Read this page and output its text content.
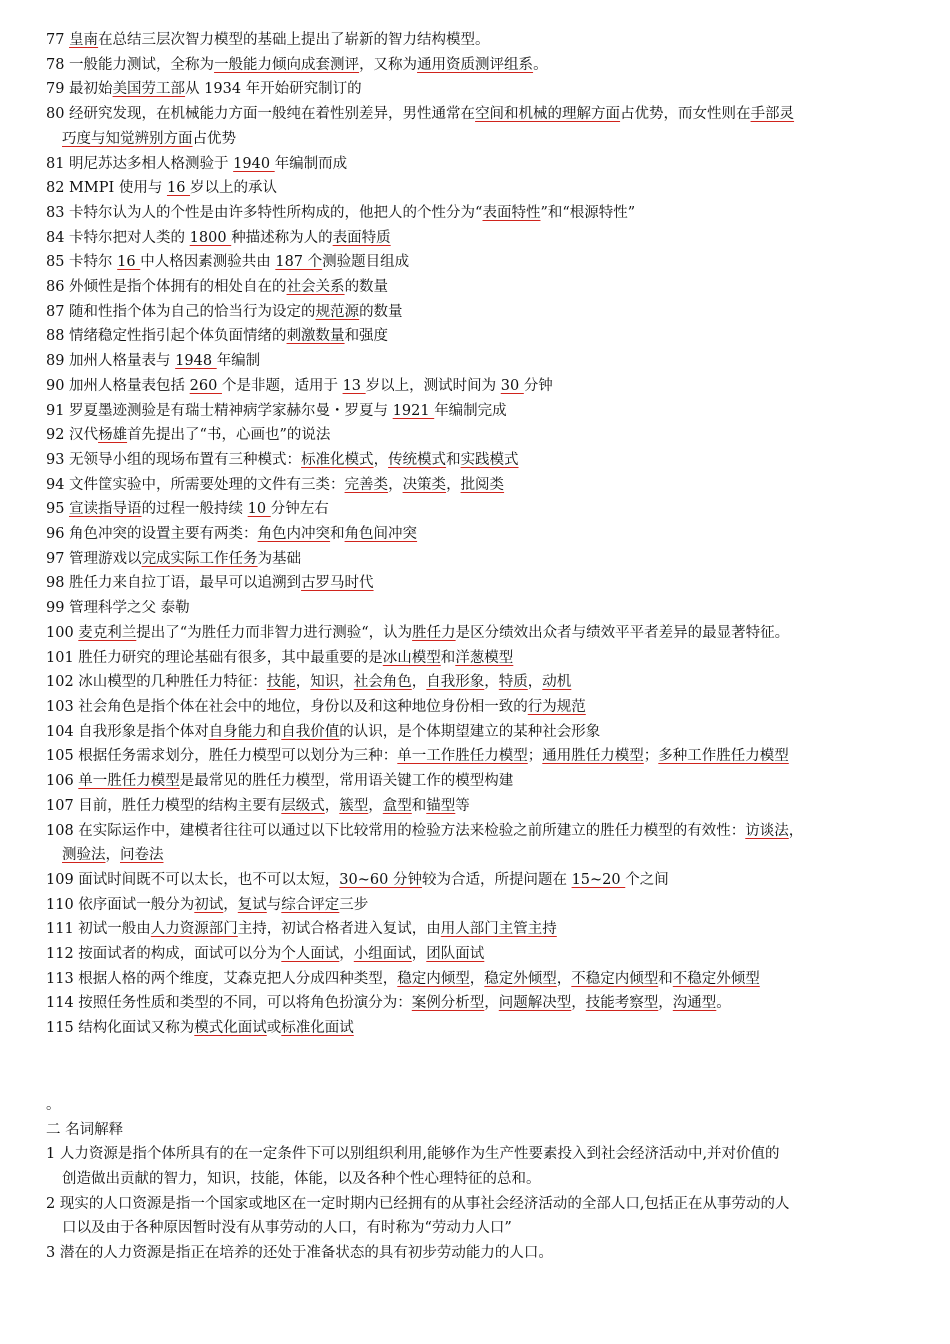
77 皇南在总结三层次智力模型的基础上提出了崭新的智力结构模型。
78 一般能力测试，全称为一般能力倾向成套测评，又称为通用资质测评组系。
79 最初始美国劳工部从 1934 年开始研究制订的
80 经研究发现，在机械能力方面一般纯在着性别差异，男性通常在空间和机械的理解方面占优势，而女性则在手部灵
巧度与知觉辨别方面占优势
81 明尼苏达多相人格测验于 1940 年编制而成
82 MMPI 使用与 16 岁以上的承认
83 卡特尔认为人的个性是由许多特性所构成的，他把人的个性分为“表面特性”和“根源特性”
84 卡特尔把对人类的 1800 种描述称为人的表面特质
85 卡特尔 16 中人格因素测验共由 187 个测验题目组成
86 外倾性是指个体拥有的相处自在的社会关系的数量
87 随和性指个体为自己的恰当行为设定的规范源的数量
88 情绪稳定性指引起个体负面情绪的刺激数量和强度
89 加州人格量表与 1948 年编制
90 加州人格量表包括 260 个是非题，适用于 13 岁以上，测试时间为 30 分钟
91 罗夏墨迹测验是有瑞士精神病学家赫尔曼・罗夏与 1921 年编制完成
92 汉代杨雄首先提出了“书，心画也”的说法
93 无领导小组的现场布置有三种模式：标准化模式，传统模式和实践模式
94 文件筐实验中，所需要处理的文件有三类：完善类，决策类，批阅类
95 宣读指导语的过程一般持续 10 分钟左右
96 角色冲突的设置主要有两类：角色内冲突和角色间冲突
97 管理游戏以完成实际工作任务为基础
98 胜任力来自拉丁语，最早可以追溯到古罗马时代
99 管理科学之父 泰勒
100 麦克利兰提出了“为胜任力而非智力进行测验“，认为胜任力是区分绩效出众者与绩效平平者差异的最显著特征。
101 胜任力研究的理论基础有很多，其中最重要的是冰山模型和洋葱模型
102 冰山模型的几种胜任力特征：技能，知识，社会角色，自我形象，特质，动机
103 社会角色是指个体在社会中的地位，身份以及和这种地位身份相一致的行为规范
104 自我形象是指个体对自身能力和自我价值的认识，是个体期望建立的某种社会形象
105 根据任务需求划分，胜任力模型可以划分为三种：单一工作胜任力模型；通用胜任力模型；多种工作胜任力模型
106 单一胜任力模型是最常见的胜任力模型，常用语关键工作的模型构建
107 目前，胜任力模型的结构主要有层级式，簇型，盒型和锚型等
108 在实际运作中，建模者往往可以通过以下比较常用的检验方法来检验之前所建立的胜任力模型的有效性：访谈法，
测验法，问卷法
109 面试时间既不可以太长，也不可以太短，30~60 分钟较为合适，所提问题在 15~20 个之间
110 依序面试一般分为初试，复试与综合评定三步
111 初试一般由人力资源部门主持，初试合格者进入复试，由用人部门主管主持
112 按面试者的构成，面试可以分为个人面试，小组面试，团队面试
113 根据人格的两个维度，艾森克把人分成四种类型，稳定内倾型，稳定外倾型，不稳定内倾型和不稳定外倾型
114 按照任务性质和类型的不同，可以将角色扮演分为：案例分析型，问题解决型，技能考察型，沟通型。
115 结构化面试又称为模式化面试或标准化面试
。
二 名词解释
1 人力资源是指个体所具有的在一定条件下可以别组织利用,能够作为生产性要素投入到社会经济活动中,并对价值的
创造做出贡献的智力，知识，技能，体能，以及各种个性心理特征的总和。
2 现实的人口资源是指一个国家或地区在一定时期内已经拥有的从事社会经济活动的全部人口,包括正在从事劳动的人
口以及由于各种原因暂时没有从事劳动的人口，有时称为“劳动力人口”
3 潜在的人力资源是指正在培养的还处于准备状态的具有初步劳动能力的人口。
